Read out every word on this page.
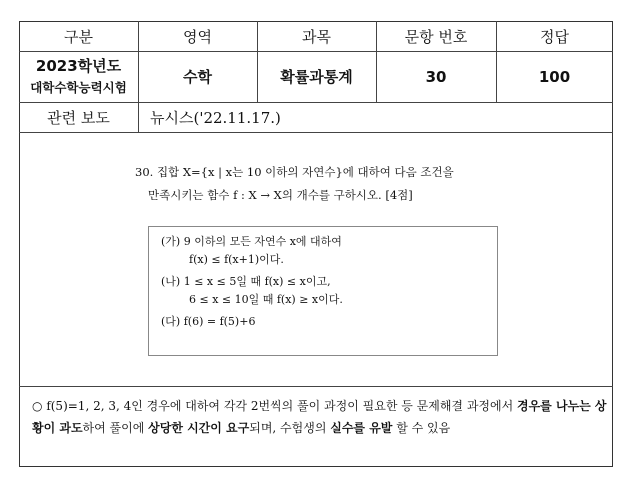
구분	영역	과목	문항 번호	정답
2023학년도
대학수학능력시험
수학	확률과통계	30	100
관련 보도	뉴시스('22.11.17.)
30. 집합 X={x | x는 10 이하의 자연수}에 대하여 다음 조건을
만족시키는 함수 f : X → X의 개수를 구하시오. [4점]
(가) 9 이하의 모든 자연수 x에 대하여
f(x) ≤ f(x+1)이다.
(나) 1 ≤ x ≤ 5일 때 f(x) ≤ x이고,
6 ≤ x ≤ 10일 때 f(x) ≥ x이다.
(다) f(6) = f(5)+6
○ f(5)=1, 2, 3, 4인 경우에 대하여 각각 2번씩의 풀이 과정이 필요한 등 문제해결 과정에서 경우를 나누는 상황이 과도하여 풀이에 상당한 시간이 요구되며, 수험생의 실수를 유발 할 수 있음
